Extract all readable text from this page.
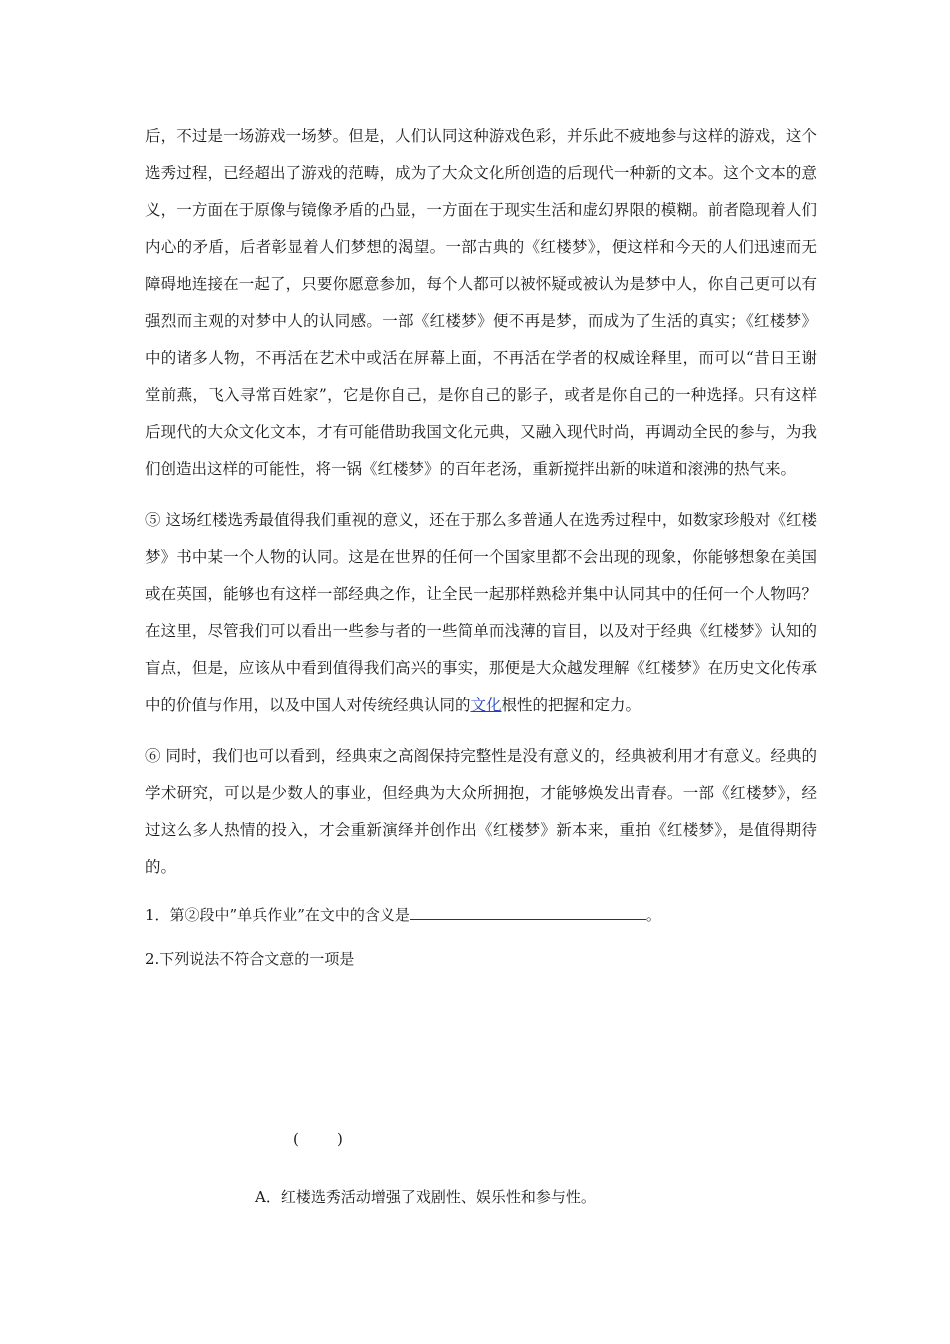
后，不过是一场游戏一场梦。但是，人们认同这种游戏色彩，并乐此不疲地参与这样的游戏，这个选秀过程，已经超出了游戏的范畴，成为了大众文化所创造的后现代一种新的文本。这个文本的意义，一方面在于原像与镜像矛盾的凸显，一方面在于现实生活和虚幻界限的模糊。前者隐现着人们内心的矛盾，后者彰显着人们梦想的渴望。一部古典的《红楼梦》，便这样和今天的人们迅速而无障碍地连接在一起了，只要你愿意参加，每个人都可以被怀疑或被认为是梦中人，你自己更可以有强烈而主观的对梦中人的认同感。一部《红楼梦》便不再是梦，而成为了生活的真实；《红楼梦》中的诸多人物，不再活在艺术中或活在屏幕上面，不再活在学者的权威诠释里，而可以“昔日王谢堂前燕，飞入寻常百姓家”，它是你自己，是你自己的影子，或者是你自己的一种选择。只有这样后现代的大众文化文本，才有可能借助我国文化元典，又融入现代时尚，再调动全民的参与，为我们创造出这样的可能性，将一锅《红楼梦》的百年老汤，重新搅拌出新的味道和滚沸的热气来。

⑤ 这场红楼选秀最值得我们重视的意义，还在于那么多普通人在选秀过程中，如数家珍般对《红楼梦》书中某一个人物的认同。这是在世界的任何一个国家里都不会出现的现象，你能够想象在美国或在英国，能够也有这样一部经典之作，让全民一起那样熟稔并集中认同其中的任何一个人物吗？在这里，尽管我们可以看出一些参与者的一些简单而浅薄的盲目，以及对于经典《红楼梦》认知的盲点，但是，应该从中看到值得我们高兴的事实，那便是大众越发理解《红楼梦》在历史文化传承中的价值与作用，以及中国人对传统经典认同的文化根性的把握和定力。

⑥ 同时，我们也可以看到，经典束之高阁保持完整性是没有意义的，经典被利用才有意义。经典的学术研究，可以是少数人的事业，但经典为大众所拥抱，才能够焕发出青春。一部《红楼梦》，经过这么多人热情的投入，才会重新演绎并创作出《红楼梦》新本来，重拍《红楼梦》，是值得期待的。

1．第②段中”单兵作业”在文中的含义是	。

2.下列说法不符合文意的一项是

(        )
A．红楼选秀活动增强了戏剧性、娱乐性和参与性。
